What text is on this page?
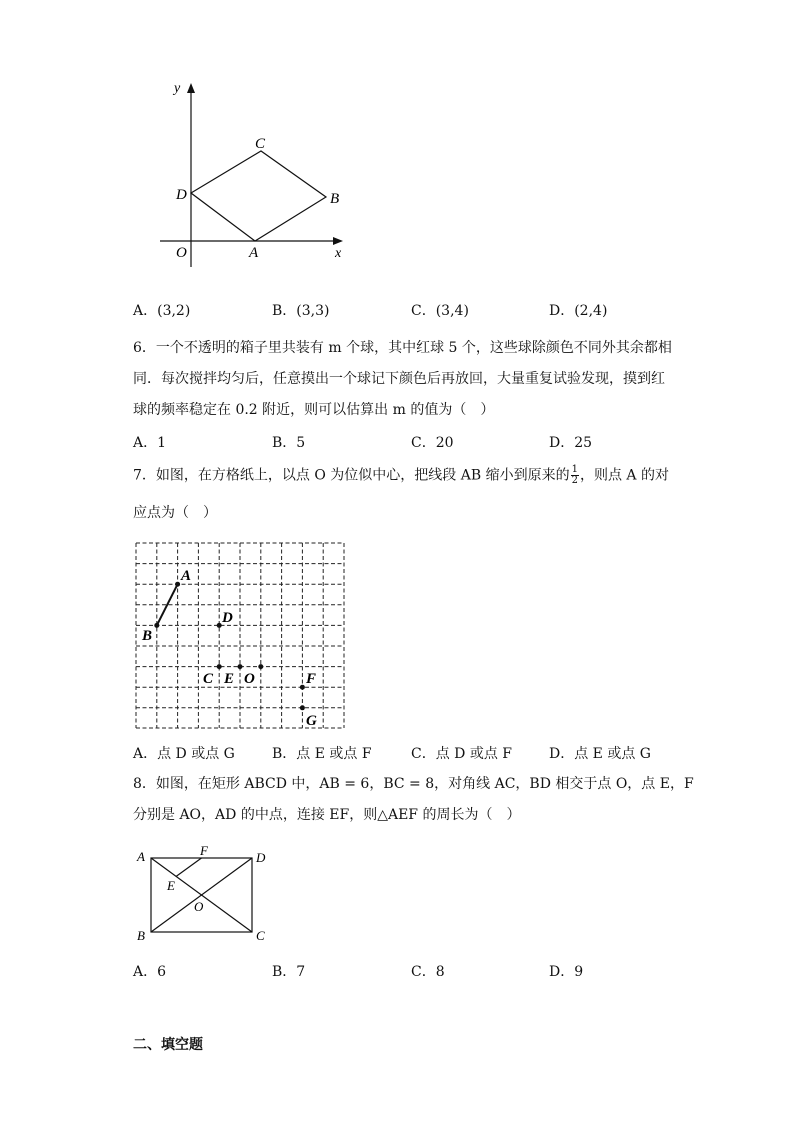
y
x
O	A
B
C
D
A．(3,2)	B．(3,3)	C．(3,4)	D．(2,4)
6．一个不透明的箱子里共装有 m 个球，其中红球 5 个，这些球除颜色不同外其余都相
同．每次搅拌均匀后，任意摸出一个球记下颜色后再放回，大量重复试验发现，摸到红
球的频率稳定在 0.2 附近，则可以估算出 m 的值为（　）
A．1	B．5	C．20	D．25
7．如图，在方格纸上，以点 O 为位似中心，把线段 AB 缩小到原来的 $\frac{1}{2}$ ，则点 A 的对
应点为（　）
A
B
D
C E O	F
G
A．点 D 或点 G	B．点 E 或点 F	C．点 D 或点 F	D．点 E 或点 G
8．如图，在矩形 ABCD 中，AB = 6，BC = 8，对角线 AC，BD 相交于点 O，点 E，F
分别是 AO，AD 的中点，连接 EF，则△AEF 的周长为（　）
A
B	C
D
E
F
O
A．6	B．7	C．8	D．9
二、填空题
